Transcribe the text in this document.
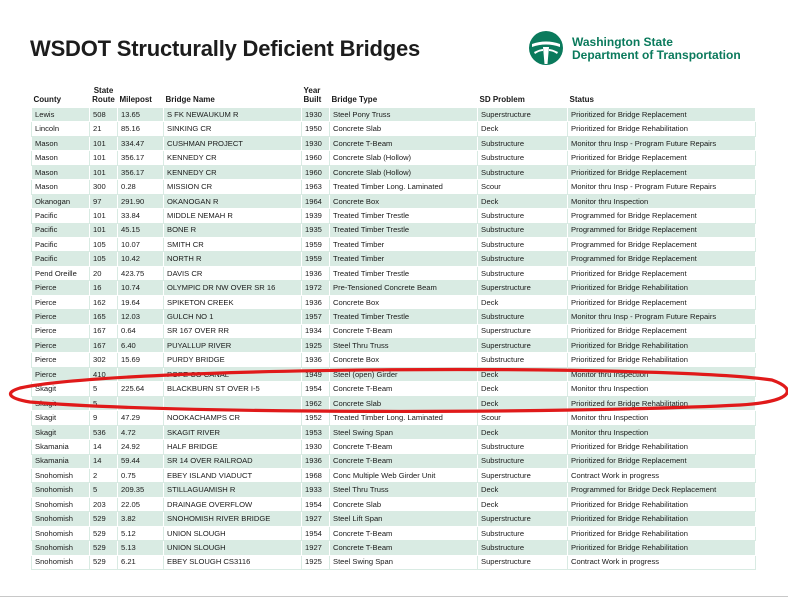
WSDOT Structurally Deficient Bridges	Washington State
Department of Transportation
County	State Route	Milepost	Bridge Name	Year Built	Bridge Type	SD Problem	Status
Lewis	508	13.65	S FK NEWAUKUM R	1930	Steel Pony Truss	Superstructure	Prioritized for Bridge Replacement
Lincoln	21	85.16	SINKING CR	1950	Concrete Slab	Deck	Prioritized for Bridge Rehabilitation
Mason	101	334.47	CUSHMAN PROJECT	1930	Concrete T-Beam	Substructure	Monitor thru Insp - Program Future Repairs
Mason	101	356.17	KENNEDY CR	1960	Concrete Slab (Hollow)	Substructure	Prioritized for Bridge Replacement
Mason	101	356.17	KENNEDY CR	1960	Concrete Slab (Hollow)	Substructure	Prioritized for Bridge Replacement
Mason	300	0.28	MISSION CR	1963	Treated Timber Long. Laminated	Scour	Monitor thru Insp - Program Future Repairs
Okanogan	97	291.90	OKANOGAN R	1964	Concrete Box	Deck	Monitor thru Inspection
Pacific	101	33.84	MIDDLE NEMAH R	1939	Treated Timber Trestle	Substructure	Programmed for Bridge Replacement
Pacific	101	45.15	BONE R	1935	Treated Timber Trestle	Substructure	Programmed for Bridge Replacement
Pacific	105	10.07	SMITH CR	1959	Treated Timber	Substructure	Programmed for Bridge Replacement
Pacific	105	10.42	NORTH R	1959	Treated Timber	Substructure	Programmed for Bridge Replacement
Pend Oreille	20	423.75	DAVIS CR	1936	Treated Timber Trestle	Substructure	Prioritized for Bridge Replacement
Pierce	16	10.74	OLYMPIC DR NW OVER SR 16	1972	Pre-Tensioned Concrete Beam	Superstructure	Prioritized for Bridge Rehabilitation
Pierce	162	19.64	SPIKETON CREEK	1936	Concrete Box	Deck	Prioritized for Bridge Replacement
Pierce	165	12.03	GULCH NO 1	1957	Treated Timber Trestle	Substructure	Monitor thru Insp - Program Future Repairs
Pierce	167	0.64	SR 167 OVER RR	1934	Concrete T-Beam	Superstructure	Prioritized for Bridge Replacement
Pierce	167	6.40	PUYALLUP RIVER	1925	Steel Thru Truss	Superstructure	Prioritized for Bridge Rehabilitation
Pierce	302	15.69	PURDY BRIDGE	1936	Concrete Box	Substructure	Prioritized for Bridge Rehabilitation
Pierce	410		POPE CO CANAL	1949	Steel (open) Girder	Deck	Monitor thru Inspection
Skagit	5	225.64	BLACKBURN ST OVER I-5	1954	Concrete T-Beam	Deck	Monitor thru Inspection
Skagit	5			1962	Concrete Slab	Deck	Prioritized for Bridge Rehabilitation
Skagit	9	47.29	NOOKACHAMPS CR	1952	Treated Timber Long. Laminated	Scour	Monitor thru Inspection
Skagit	536	4.72	SKAGIT RIVER	1953	Steel Swing Span	Deck	Monitor thru Inspection
Skamania	14	24.92	HALF BRIDGE	1930	Concrete T-Beam	Substructure	Prioritized for Bridge Rehabilitation
Skamania	14	59.44	SR 14 OVER RAILROAD	1936	Concrete T-Beam	Substructure	Prioritized for Bridge Replacement
Snohomish	2	0.75	EBEY ISLAND VIADUCT	1968	Conc Multiple Web Girder Unit	Superstructure	Contract Work in progress
Snohomish	5	209.35	STILLAGUAMISH R	1933	Steel Thru Truss	Deck	Programmed for Bridge Deck Replacement
Snohomish	203	22.05	DRAINAGE OVERFLOW	1954	Concrete Slab	Deck	Prioritized for Bridge Rehabilitation
Snohomish	529	3.82	SNOHOMISH RIVER BRIDGE	1927	Steel Lift Span	Superstructure	Prioritized for Bridge Rehabilitation
Snohomish	529	5.12	UNION SLOUGH	1954	Concrete T-Beam	Substructure	Prioritized for Bridge Rehabilitation
Snohomish	529	5.13	UNION SLOUGH	1927	Concrete T-Beam	Substructure	Prioritized for Bridge Rehabilitation
Snohomish	529	6.21	EBEY SLOUGH CS3116	1925	Steel Swing Span	Superstructure	Contract Work in progress
